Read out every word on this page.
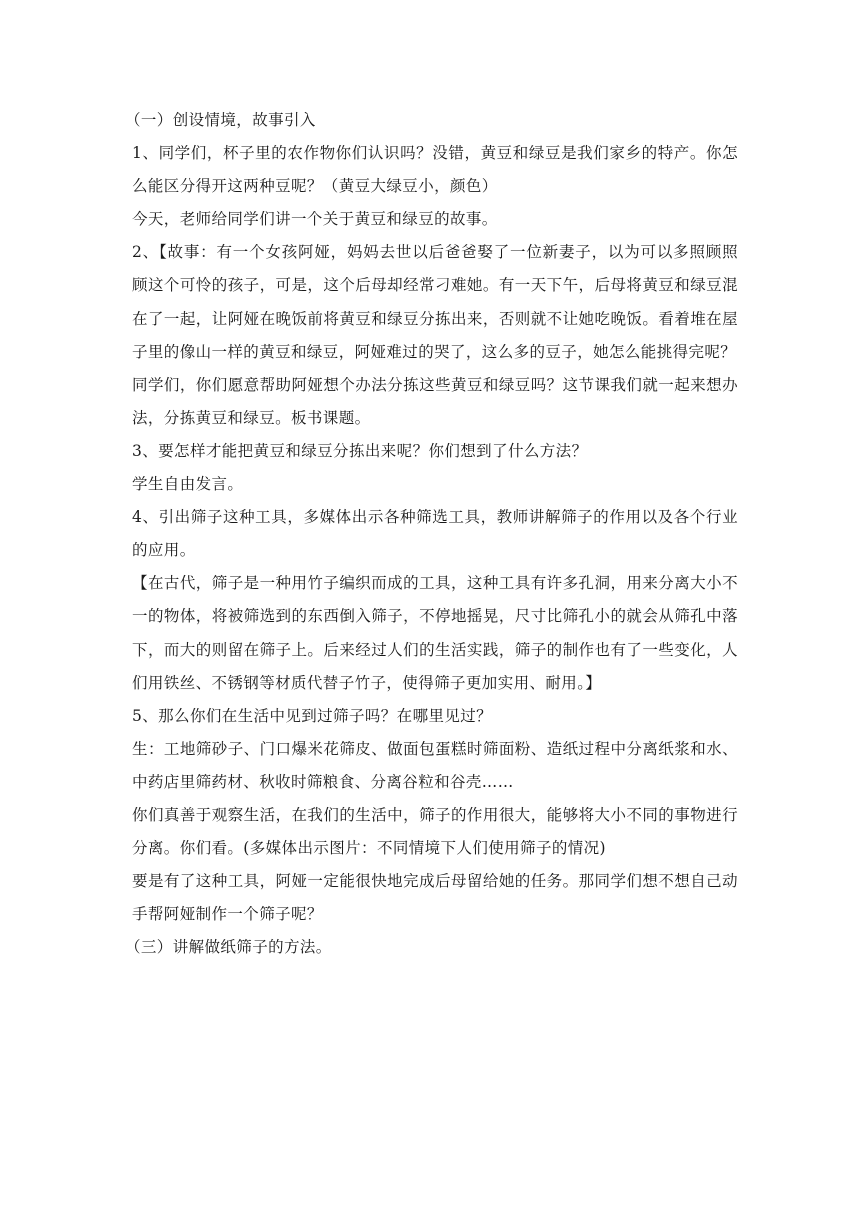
（一）创设情境，故事引入

1、同学们，杯子里的农作物你们认识吗？没错，黄豆和绿豆是我们家乡的特产。你怎么能区分得开这两种豆呢？（黄豆大绿豆小，颜色）

今天，老师给同学们讲一个关于黄豆和绿豆的故事。

2、【故事：有一个女孩阿娅，妈妈去世以后爸爸娶了一位新妻子，以为可以多照顾照顾这个可怜的孩子，可是，这个后母却经常刁难她。有一天下午，后母将黄豆和绿豆混在了一起，让阿娅在晚饭前将黄豆和绿豆分拣出来，否则就不让她吃晚饭。看着堆在屋子里的像山一样的黄豆和绿豆，阿娅难过的哭了，这么多的豆子，她怎么能挑得完呢？

同学们，你们愿意帮助阿娅想个办法分拣这些黄豆和绿豆吗？这节课我们就一起来想办法，分拣黄豆和绿豆。板书课题。

3、要怎样才能把黄豆和绿豆分拣出来呢？你们想到了什么方法？

学生自由发言。

4、引出筛子这种工具，多媒体出示各种筛选工具，教师讲解筛子的作用以及各个行业的应用。

【在古代，筛子是一种用竹子编织而成的工具，这种工具有许多孔洞，用来分离大小不一的物体，将被筛选到的东西倒入筛子，不停地摇晃，尺寸比筛孔小的就会从筛孔中落下，而大的则留在筛子上。后来经过人们的生活实践，筛子的制作也有了一些变化，人们用铁丝、不锈钢等材质代替子竹子，使得筛子更加实用、耐用。】

5、那么你们在生活中见到过筛子吗？在哪里见过？

生：工地筛砂子、门口爆米花筛皮、做面包蛋糕时筛面粉、造纸过程中分离纸浆和水、中药店里筛药材、秋收时筛粮食、分离谷粒和谷壳……

你们真善于观察生活，在我们的生活中，筛子的作用很大，能够将大小不同的事物进行分离。你们看。(多媒体出示图片：不同情境下人们使用筛子的情况)

要是有了这种工具，阿娅一定能很快地完成后母留给她的任务。那同学们想不想自己动手帮阿娅制作一个筛子呢？

（三）讲解做纸筛子的方法。
